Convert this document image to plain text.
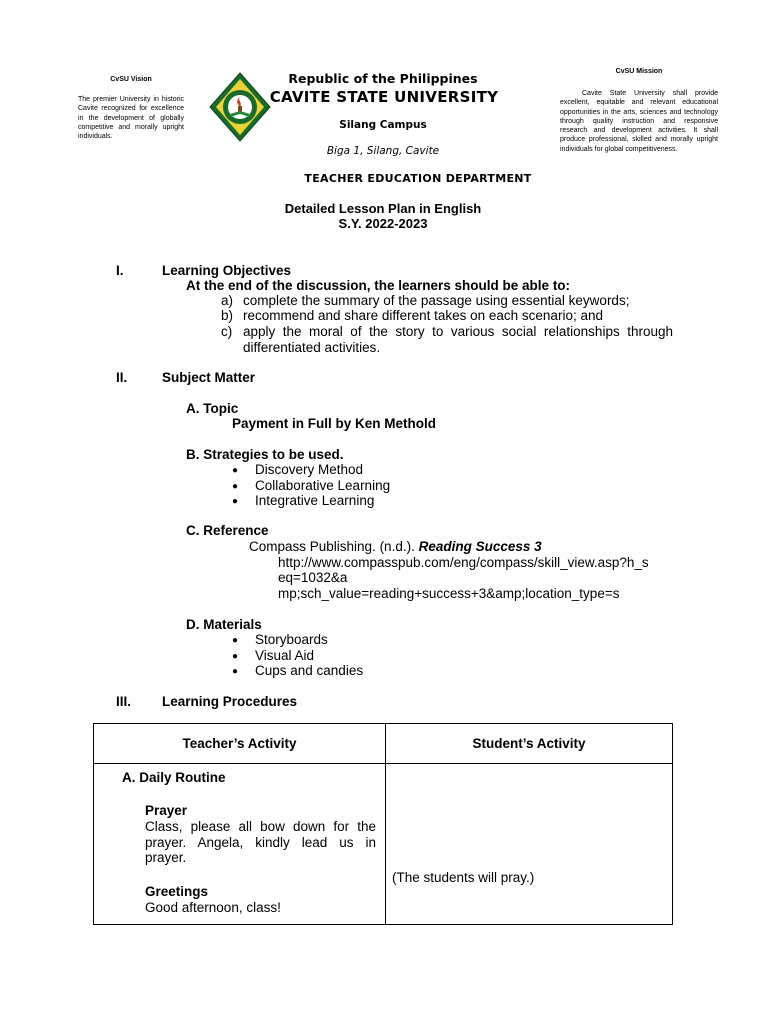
CvSU Vision
The premier University in historic Cavite recognized for excellence in the development of globally competitive and morally upright individuals.
Republic of the Philippines
CAVITE STATE UNIVERSITY
Silang Campus
Biga 1, Silang, Cavite
TEACHER EDUCATION DEPARTMENT
CvSU Mission
Cavite State University shall provide excellent, equitable and relevant educational opportunities in the arts, sciences and technology through quality instruction and responsive research and development activities. It shall produce professional, skilled and morally upright individuals for global competitiveness.
Detailed Lesson Plan in English
S.Y. 2022-2023
I.	Learning Objectives
At the end of the discussion, the learners should be able to:
a) complete the summary of the passage using essential keywords;
b) recommend and share different takes on each scenario; and
c) apply the moral of the story to various social relationships through differentiated activities.
II.	Subject Matter
A. Topic
Payment in Full by Ken Methold
B. Strategies to be used.
● Discovery Method
● Collaborative Learning
● Integrative Learning
C. Reference
Compass Publishing. (n.d.). Reading Success 3
http://www.compasspub.com/eng/compass/skill_view.asp?h_s
eq=1032&a
mp;sch_value=reading+success+3&amp;location_type=s
D. Materials
● Storyboards
● Visual Aid
● Cups and candies
III. Learning Procedures
Teacher’s Activity	Student’s Activity

A. Daily Routine
Prayer
Class, please all bow down for the prayer. Angela, kindly lead us in prayer.
Greetings
Good afternoon, class!	(The students will pray.)
